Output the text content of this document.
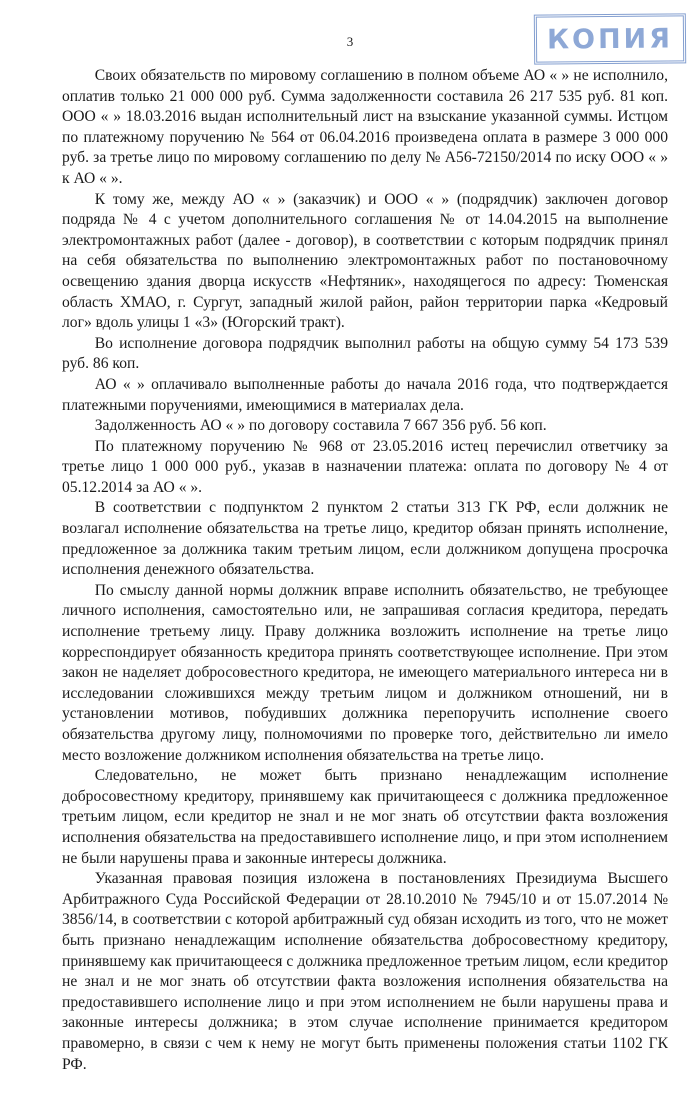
3	КОПИЯ

Своих обязательств по мировому соглашению в полном объеме АО « » не исполнило, оплатив только 21 000 000 руб. Сумма задолженности составила 26 217 535 руб. 81 коп. ООО « » 18.03.2016 выдан исполнительный лист на взыскание указанной суммы. Истцом по платежному поручению № 564 от 06.04.2016 произведена оплата в размере 3 000 000 руб. за третье лицо по мировому соглашению по делу № А56-72150/2014 по иску ООО « » к АО « ».

К тому же, между АО « » (заказчик) и ООО « » (подрядчик) заключен договор подряда № 4 с учетом дополнительного соглашения № от 14.04.2015 на выполнение электромонтажных работ (далее - договор), в соответствии с которым подрядчик принял на себя обязательства по выполнению электромонтажных работ по постановочному освещению здания дворца искусств «Нефтяник», находящегося по адресу: Тюменская область ХМАО, г. Сургут, западный жилой район, район территории парка «Кедровый лог» вдоль улицы 1 «3» (Югорский тракт).

Во исполнение договора подрядчик выполнил работы на общую сумму 54 173 539 руб. 86 коп.

АО « » оплачивало выполненные работы до начала 2016 года, что подтверждается платежными поручениями, имеющимися в материалах дела.

Задолженность АО « » по договору составила 7 667 356 руб. 56 коп.

По платежному поручению № 968 от 23.05.2016 истец перечислил ответчику за третье лицо 1 000 000 руб., указав в назначении платежа: оплата по договору № 4 от 05.12.2014 за АО « ».

В соответствии с подпунктом 2 пунктом 2 статьи 313 ГК РФ, если должник не возлагал исполнение обязательства на третье лицо, кредитор обязан принять исполнение, предложенное за должника таким третьим лицом, если должником допущена просрочка исполнения денежного обязательства.

По смыслу данной нормы должник вправе исполнить обязательство, не требующее личного исполнения, самостоятельно или, не запрашивая согласия кредитора, передать исполнение третьему лицу. Праву должника возложить исполнение на третье лицо корреспондирует обязанность кредитора принять соответствующее исполнение. При этом закон не наделяет добросовестного кредитора, не имеющего материального интереса ни в исследовании сложившихся между третьим лицом и должником отношений, ни в установлении мотивов, побудивших должника перепоручить исполнение своего обязательства другому лицу, полномочиями по проверке того, действительно ли имело место возложение должником исполнения обязательства на третье лицо.

Следовательно, не может быть признано ненадлежащим исполнение добросовестному кредитору, принявшему как причитающееся с должника предложенное третьим лицом, если кредитор не знал и не мог знать об отсутствии факта возложения исполнения обязательства на предоставившего исполнение лицо, и при этом исполнением не были нарушены права и законные интересы должника.

Указанная правовая позиция изложена в постановлениях Президиума Высшего Арбитражного Суда Российской Федерации от 28.10.2010 № 7945/10 и от 15.07.2014 № 3856/14, в соответствии с которой арбитражный суд обязан исходить из того, что не может быть признано ненадлежащим исполнение обязательства добросовестному кредитору, принявшему как причитающееся с должника предложенное третьим лицом, если кредитор не знал и не мог знать об отсутствии факта возложения исполнения обязательства на предоставившего исполнение лицо и при этом исполнением не были нарушены права и законные интересы должника; в этом случае исполнение принимается кредитором правомерно, в связи с чем к нему не могут быть применены положения статьи 1102 ГК РФ.
